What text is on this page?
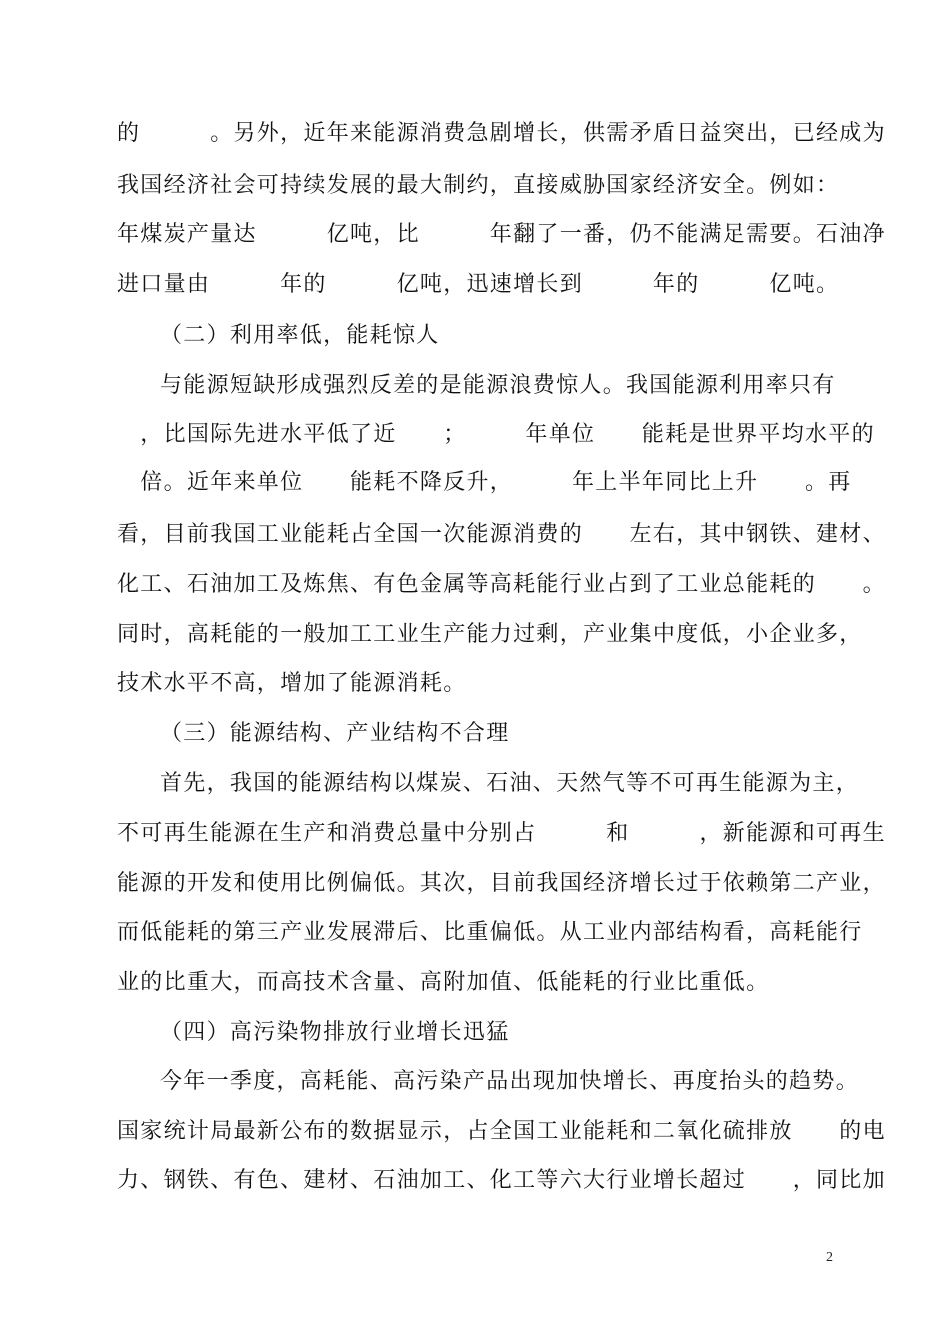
的　　　。另外，近年来能源消费急剧增长，供需矛盾日益突出，已经成为
我国经济社会可持续发展的最大制约，直接威胁国家经济安全。例如：
年煤炭产量达　　　亿吨，比　　　年翻了一番，仍不能满足需要。石油净
进口量由　　　年的　　　亿吨，迅速增长到　　　年的　　　亿吨。
（二）利用率低，能耗惊人
与能源短缺形成强烈反差的是能源浪费惊人。我国能源利用率只有
　，比国际先进水平低了近　　；　　　年单位　　能耗是世界平均水平的
　倍。近年来单位　　能耗不降反升，　　　年上半年同比上升　　。再
看，目前我国工业能耗占全国一次能源消费的　　左右，其中钢铁、建材、
化工、石油加工及炼焦、有色金属等高耗能行业占到了工业总能耗的　　。
同时，高耗能的一般加工工业生产能力过剩，产业集中度低，小企业多，
技术水平不高，增加了能源消耗。
（三）能源结构、产业结构不合理
首先，我国的能源结构以煤炭、石油、天然气等不可再生能源为主，
不可再生能源在生产和消费总量中分别占　　　和　　　，新能源和可再生
能源的开发和使用比例偏低。其次，目前我国经济增长过于依赖第二产业，
而低能耗的第三产业发展滞后、比重偏低。从工业内部结构看，高耗能行
业的比重大，而高技术含量、高附加值、低能耗的行业比重低。
（四）高污染物排放行业增长迅猛
今年一季度，高耗能、高污染产品出现加快增长、再度抬头的趋势。
国家统计局最新公布的数据显示，占全国工业能耗和二氧化硫排放　　的电
力、钢铁、有色、建材、石油加工、化工等六大行业增长超过　　，同比加
2
